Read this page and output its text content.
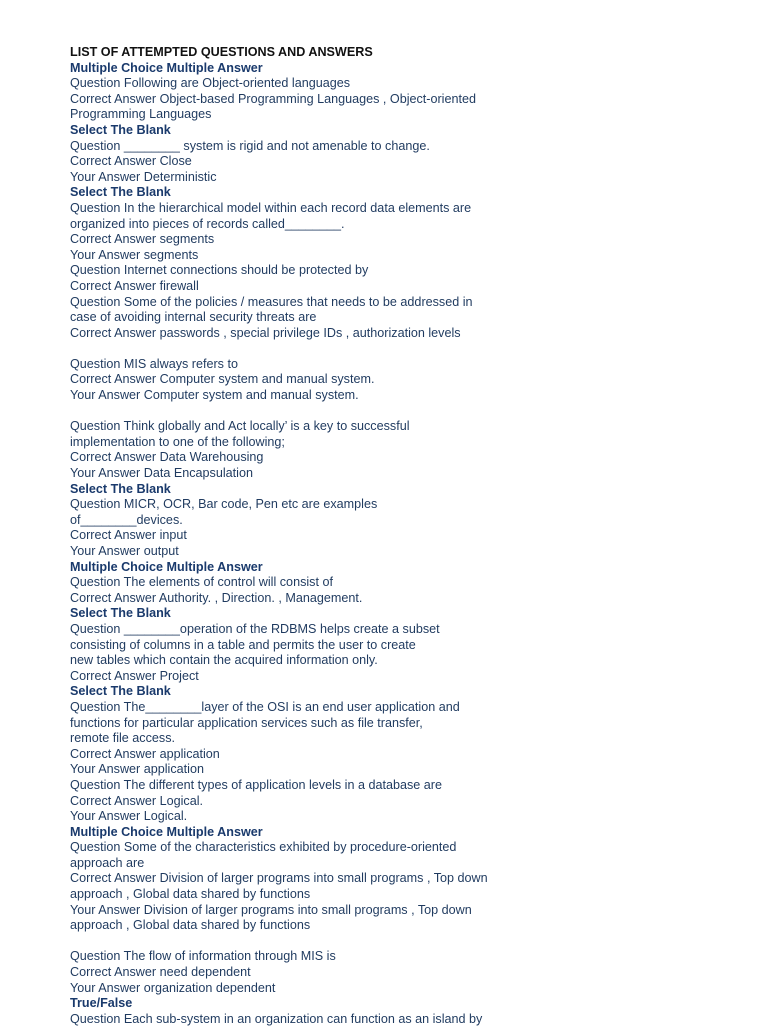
LIST OF ATTEMPTED QUESTIONS AND ANSWERS
Multiple Choice Multiple Answer
Question Following are Object-oriented languages
Correct Answer Object-based Programming Languages , Object-oriented
Programming Languages
Select The Blank
Question ________ system is rigid and not amenable to change.
Correct Answer Close
Your Answer Deterministic
Select The Blank
Question In the hierarchical model within each record data elements are
organized into pieces of records called________.
Correct Answer segments
Your Answer segments
Question Internet connections should be protected by
Correct Answer firewall
Question Some of the policies / measures that needs to be addressed in
case of avoiding internal security threats are
Correct Answer passwords , special privilege IDs , authorization levels
Question MIS always refers to
Correct Answer Computer system and manual system.
Your Answer Computer system and manual system.
Question Think globally and Act locally’ is a key to successful
implementation to one of the following;
Correct Answer Data Warehousing
Your Answer Data Encapsulation
Select The Blank
Question MICR, OCR, Bar code, Pen etc are examples
of________devices.
Correct Answer input
Your Answer output
Multiple Choice Multiple Answer
Question The elements of control will consist of
Correct Answer Authority. , Direction. , Management.
Select The Blank
Question ________operation of the RDBMS helps create a subset
consisting of columns in a table and permits the user to create
new tables which contain the acquired information only.
Correct Answer Project
Select The Blank
Question The________layer of the OSI is an end user application and
functions for particular application services such as file transfer,
remote file access.
Correct Answer application
Your Answer application
Question The different types of application levels in a database are
Correct Answer Logical.
Your Answer Logical.
Multiple Choice Multiple Answer
Question Some of the characteristics exhibited by procedure-oriented
approach are
Correct Answer Division of larger programs into small programs , Top down
approach , Global data shared by functions
Your Answer Division of larger programs into small programs , Top down
approach , Global data shared by functions
Question The flow of information through MIS is
Correct Answer need dependent
Your Answer organization dependent
True/False
Question Each sub-system in an organization can function as an island by
